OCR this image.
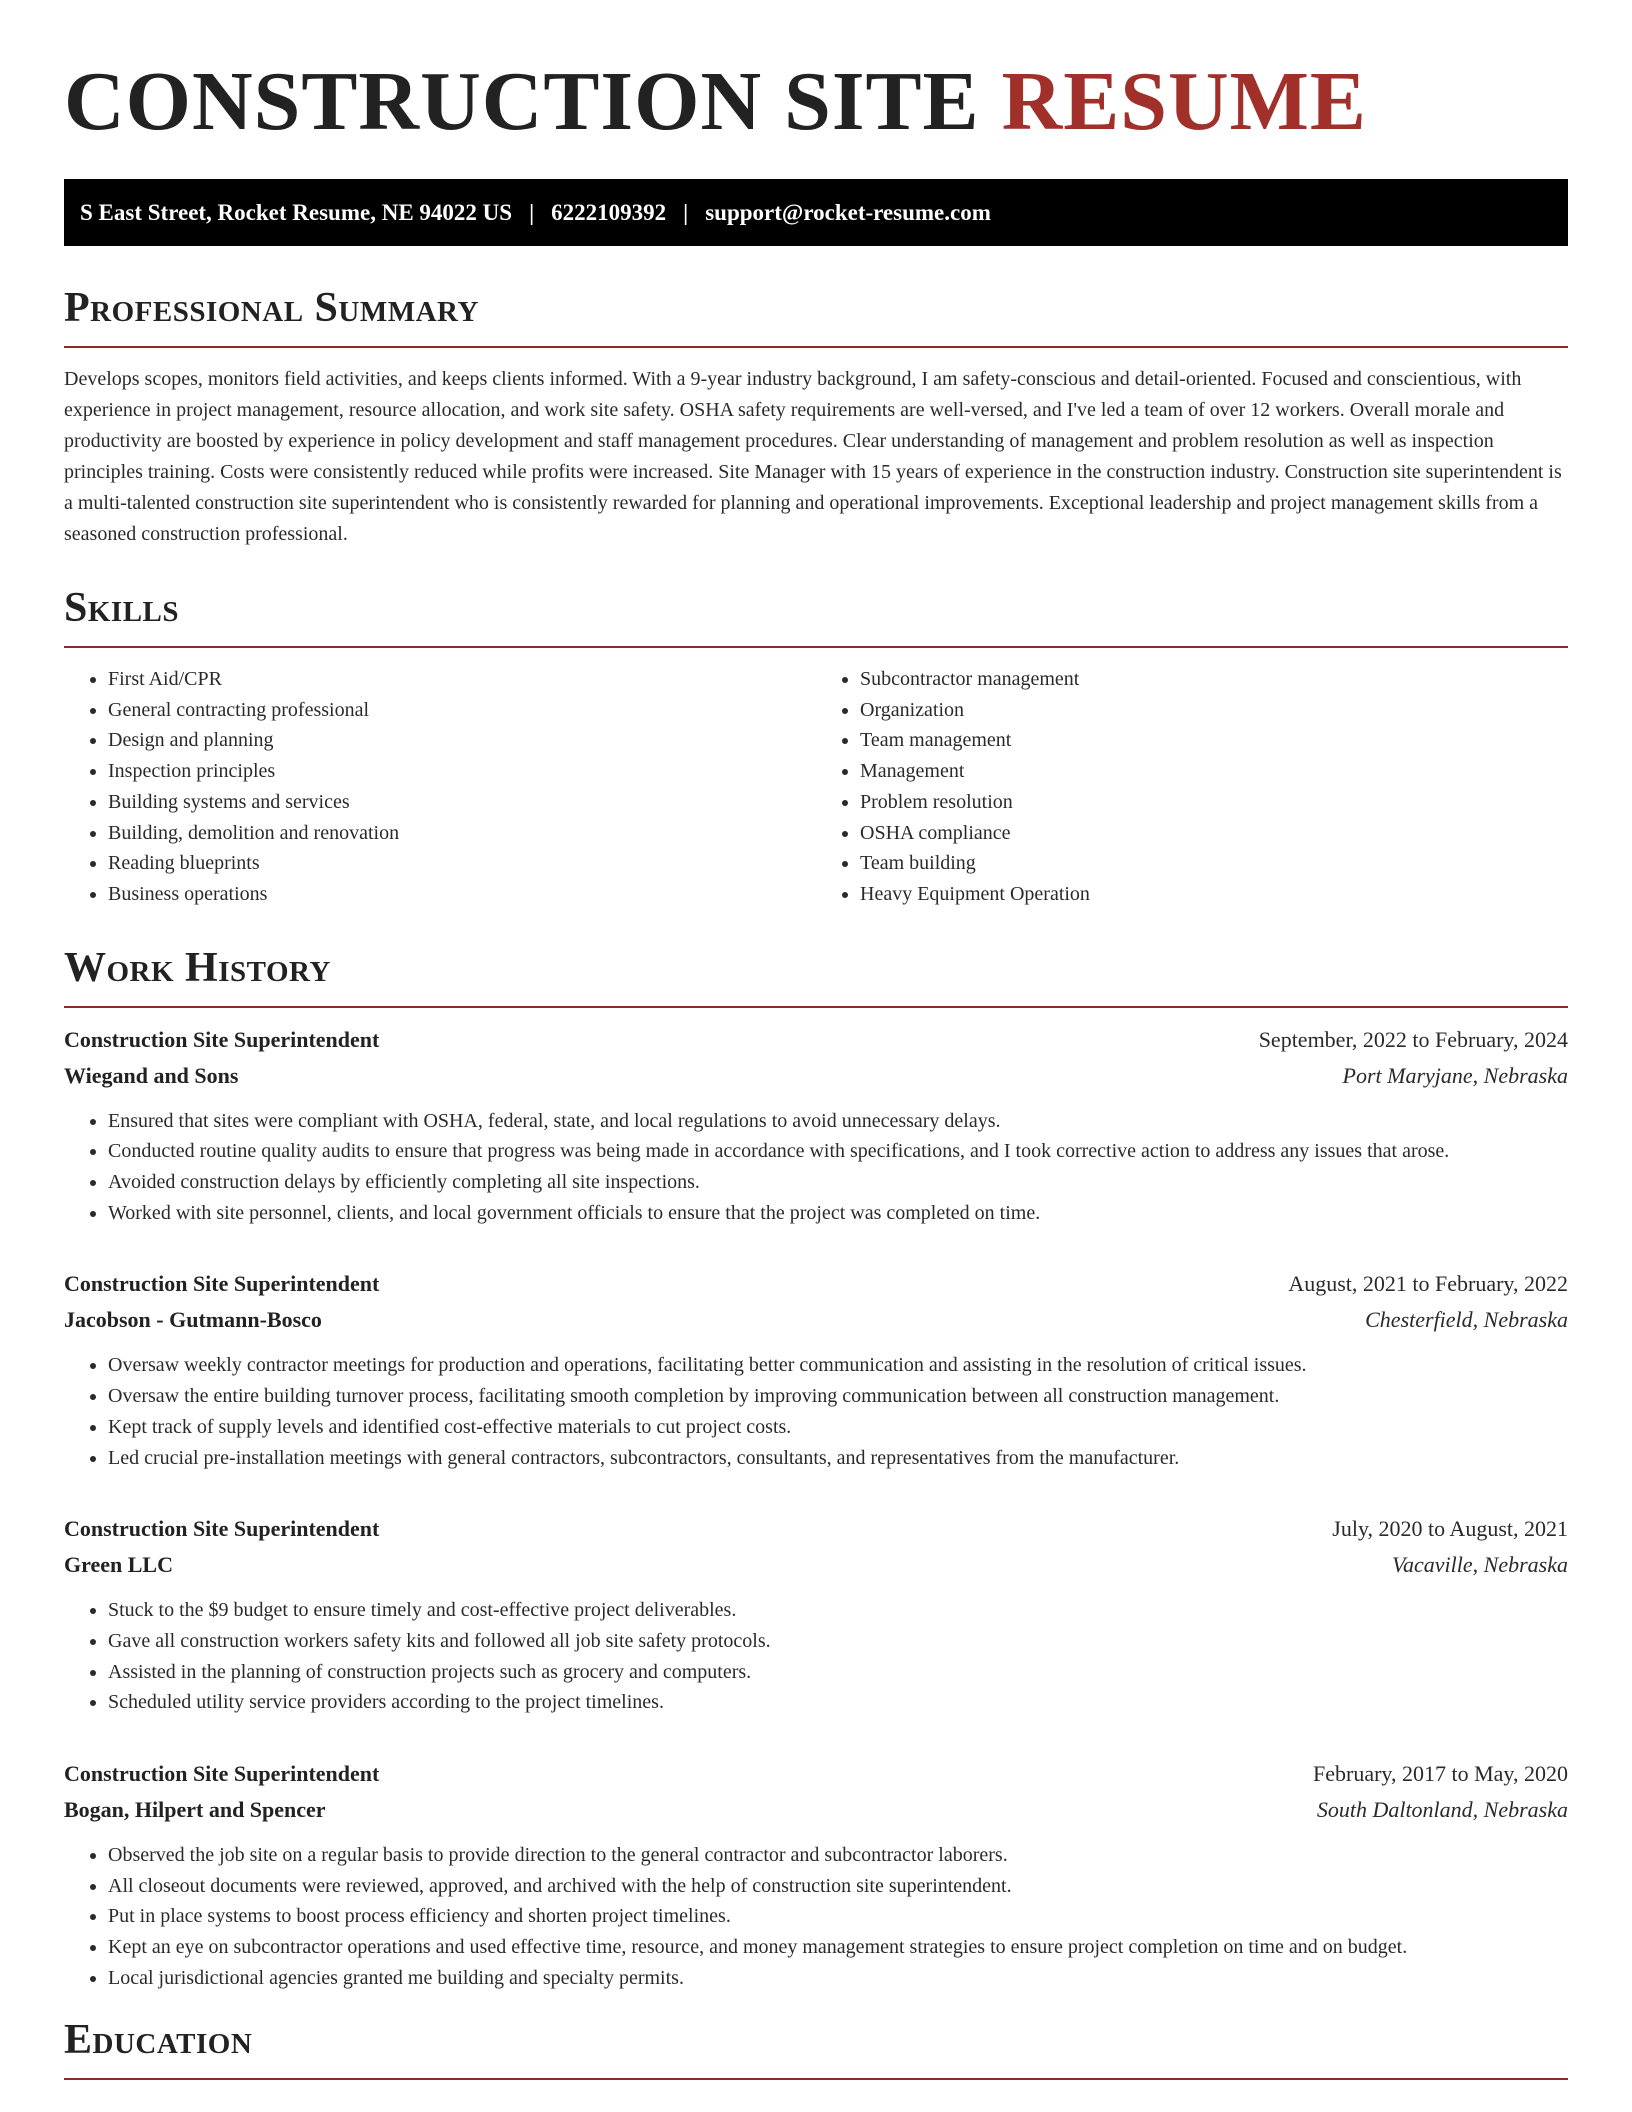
CONSTRUCTION SITE RESUME
S East Street, Rocket Resume, NE 94022 US | 6222109392 | support@rocket-resume.com
Professional Summary

Develops scopes, monitors field activities, and keeps clients informed. With a 9-year industry background, I am safety-conscious and detail-oriented. Focused and conscientious, with experience in project management, resource allocation, and work site safety. OSHA safety requirements are well-versed, and I've led a team of over 12 workers. Overall morale and productivity are boosted by experience in policy development and staff management procedures. Clear understanding of management and problem resolution as well as inspection principles training. Costs were consistently reduced while profits were increased. Site Manager with 15 years of experience in the construction industry. Construction site superintendent is a multi-talented construction site superintendent who is consistently rewarded for planning and operational improvements. Exceptional leadership and project management skills from a seasoned construction professional.

Skills
• First Aid/CPR
• General contracting professional
• Design and planning
• Inspection principles
• Building systems and services
• Building, demolition and renovation
• Reading blueprints
• Business operations
• Subcontractor management
• Organization
• Team management
• Management
• Problem resolution
• OSHA compliance
• Team building
• Heavy Equipment Operation
Work History
Construction Site Superintendent	September, 2022 to February, 2024
Wiegand and Sons	Port Maryjane, Nebraska
• Ensured that sites were compliant with OSHA, federal, state, and local regulations to avoid unnecessary delays.
• Conducted routine quality audits to ensure that progress was being made in accordance with specifications, and I took corrective action to address any issues that arose.
• Avoided construction delays by efficiently completing all site inspections.
• Worked with site personnel, clients, and local government officials to ensure that the project was completed on time.
Construction Site Superintendent	August, 2021 to February, 2022
Jacobson - Gutmann-Bosco	Chesterfield, Nebraska
• Oversaw weekly contractor meetings for production and operations, facilitating better communication and assisting in the resolution of critical issues.
• Oversaw the entire building turnover process, facilitating smooth completion by improving communication between all construction management.
• Kept track of supply levels and identified cost-effective materials to cut project costs.
• Led crucial pre-installation meetings with general contractors, subcontractors, consultants, and representatives from the manufacturer.
Construction Site Superintendent	July, 2020 to August, 2021
Green LLC	Vacaville, Nebraska
• Stuck to the $9 budget to ensure timely and cost-effective project deliverables.
• Gave all construction workers safety kits and followed all job site safety protocols.
• Assisted in the planning of construction projects such as grocery and computers.
• Scheduled utility service providers according to the project timelines.
Construction Site Superintendent	February, 2017 to May, 2020
Bogan, Hilpert and Spencer	South Daltonland, Nebraska
• Observed the job site on a regular basis to provide direction to the general contractor and subcontractor laborers.
• All closeout documents were reviewed, approved, and archived with the help of construction site superintendent.
• Put in place systems to boost process efficiency and shorten project timelines.
• Kept an eye on subcontractor operations and used effective time, resource, and money management strategies to ensure project completion on time and on budget.
• Local jurisdictional agencies granted me building and specialty permits.
Education
